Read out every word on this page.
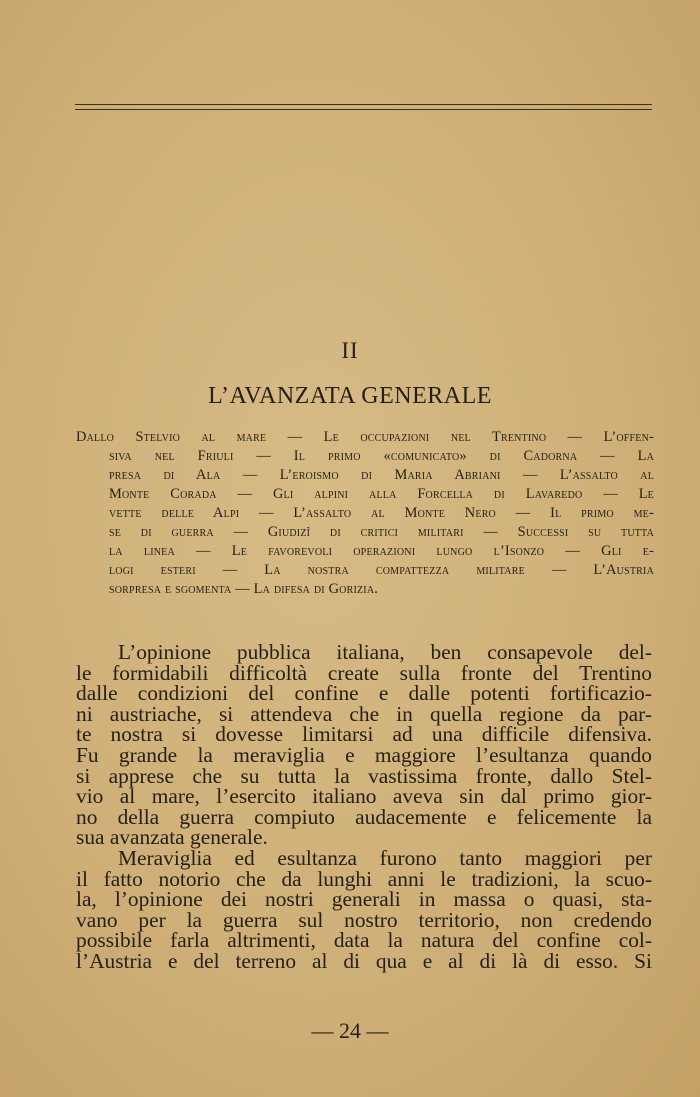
II
L’AVANZATA GENERALE
Dallo Stelvio al mare — Le occupazioni nel Trentino — L’offen-
siva nel Friuli — Il primo «comunicato» di Cadorna — La
presa di Ala — L’eroismo di Maria Abriani — L’assalto al
Monte Corada — Gli alpini alla Forcella di Lavaredo — Le
vette delle Alpi — L’assalto al Monte Nero — Il primo me-
se di guerra — Giudizî di critici militari — Successi su tutta
la linea — Le favorevoli operazioni lungo l’Isonzo — Gli e-
logi esteri — La nostra compattezza militare — L’Austria
sorpresa e sgomenta — La difesa di Gorizia.
L’opinione pubblica italiana, ben consapevole del-
le formidabili difficoltà create sulla fronte del Trentino
dalle condizioni del confine e dalle potenti fortificazio-
ni austriache, si attendeva che in quella regione da par-
te nostra si dovesse limitarsi ad una difficile difensiva.
Fu grande la meraviglia e maggiore l’esultanza quando
si apprese che su tutta la vastissima fronte, dallo Stel-
vio al mare, l’esercito italiano aveva sin dal primo gior-
no della guerra compiuto audacemente e felicemente la
sua avanzata generale.
Meraviglia ed esultanza furono tanto maggiori per
il fatto notorio che da lunghi anni le tradizioni, la scuo-
la, l’opinione dei nostri generali in massa o quasi, sta-
vano per la guerra sul nostro territorio, non credendo
possibile farla altrimenti, data la natura del confine col-
l’Austria e del terreno al di qua e al di là di esso. Si
— 24 —
